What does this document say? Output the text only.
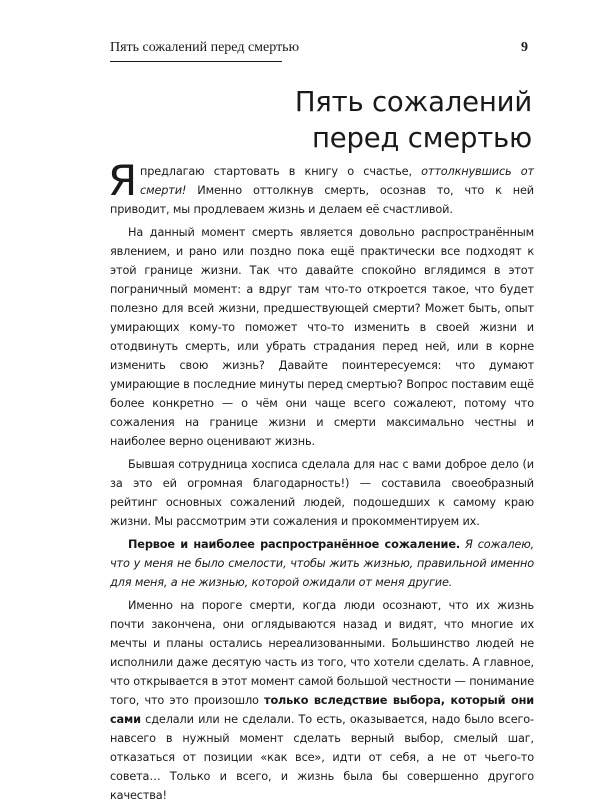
Пять сожалений перед смертью	9
Пять сожалений
перед смертью

Я предлагаю стартовать в книгу о счастье, оттолкнувшись от смерти! Именно оттолкнув смерть, осознав то, что к ней приводит, мы продлеваем жизнь и делаем её счастливой.

На данный момент смерть является довольно распространённым явлением, и рано или поздно пока ещё практически все подходят к этой границе жизни. Так что давайте спокойно вглядимся в этот пограничный момент: а вдруг там что-то откроется такое, что будет полезно для всей жизни, предшествующей смерти? Может быть, опыт умирающих кому-то поможет что-то изменить в своей жизни и отодвинуть смерть, или убрать страдания перед ней, или в корне изменить свою жизнь? Давайте поинтересуемся: что думают умирающие в последние минуты перед смертью? Вопрос поставим ещё более конкретно — о чём они чаще всего сожалеют, потому что сожаления на границе жизни и смерти максимально честны и наиболее верно оценивают жизнь.

Бывшая сотрудница хосписа сделала для нас с вами доброе дело (и за это ей огромная благодарность!) — составила своеобразный рейтинг основных сожалений людей, подошедших к самому краю жизни. Мы рассмотрим эти сожаления и прокомментируем их.

Первое и наиболее распространённое сожаление. Я сожалею, что у меня не было смелости, чтобы жить жизнью, правильной именно для меня, а не жизнью, которой ожидали от меня другие.

Именно на пороге смерти, когда люди осознают, что их жизнь почти закончена, они оглядываются назад и видят, что многие их мечты и планы остались нереализованными. Большинство людей не исполнили даже десятую часть из того, что хотели сделать. А главное, что открывается в этот момент самой большой честности — понимание того, что это произошло только вследствие выбора, который они сами сделали или не сделали. То есть, оказывается, надо было всего-навсего в нужный момент сделать верный выбор, смелый шаг, отказаться от позиции «как все», идти от себя, а не от чьего-то совета… Только и всего, и жизнь была бы совершенно другого качества!
